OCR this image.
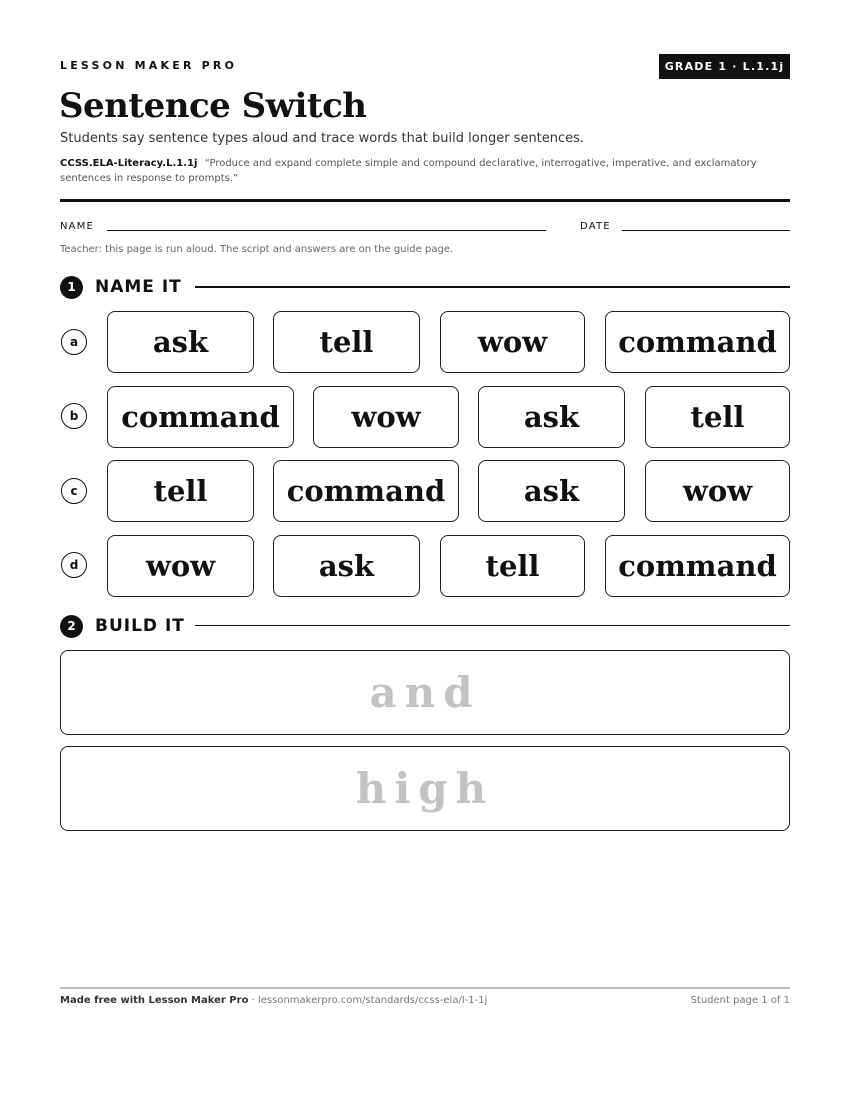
LESSON MAKER PRO	GRADE 1 · L.1.1j
Sentence Switch
Students say sentence types aloud and trace words that build longer sentences.
CCSS.ELA-Literacy.L.1.1j “Produce and expand complete simple and compound declarative, interrogative, imperative, and exclamatory sentences in response to prompts.”
NAME	DATE
Teacher: this page is run aloud. The script and answers are on the guide page.
1	NAME IT
a	ask	tell	wow	command
b	command	wow	ask	tell
c	tell	command	ask	wow
d	wow	ask	tell	command
2	BUILD IT
and
high
Made free with Lesson Maker Pro · lessonmakerpro.com/standards/ccss-ela/l-1-1j	Student page 1 of 1
